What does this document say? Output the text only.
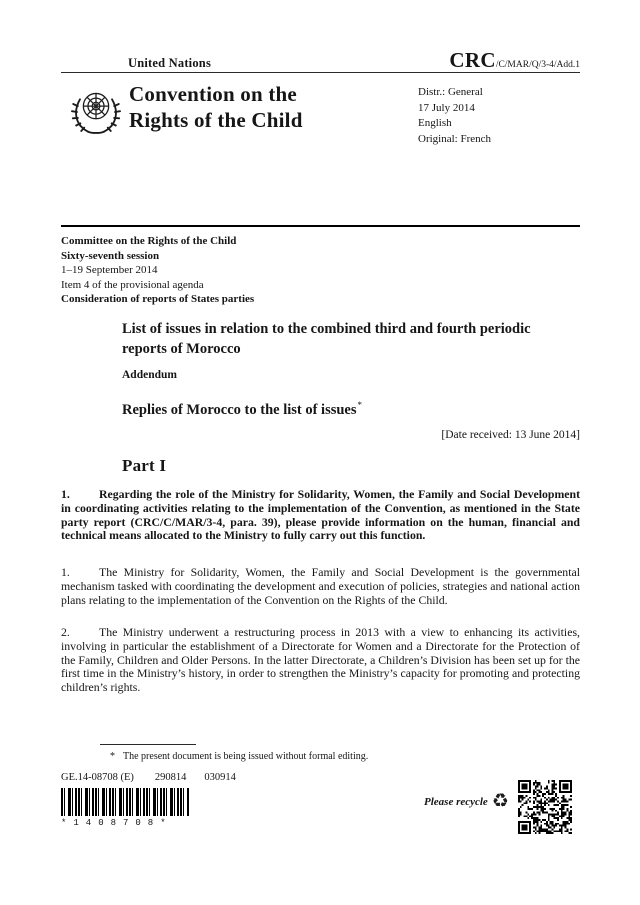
United Nations	CRC/C/MAR/Q/3-4/Add.1
Convention on the
Rights of the Child
Distr.: General
17 July 2014
English
Original: French
Committee on the Rights of the Child
Sixty-seventh session
1–19 September 2014
Item 4 of the provisional agenda
Consideration of reports of States parties
List of issues in relation to the combined third and fourth periodic reports of Morocco
Addendum
Replies of Morocco to the list of issues*
[Date received: 13 June 2014]
Part I

1. Regarding the role of the Ministry for Solidarity, Women, the Family and Social Development in coordinating activities relating to the implementation of the Convention, as mentioned in the State party report (CRC/C/MAR/3-4, para. 39), please provide information on the human, financial and technical means allocated to the Ministry to fully carry out this function.

1. The Ministry for Solidarity, Women, the Family and Social Development is the governmental mechanism tasked with coordinating the development and execution of policies, strategies and national action plans relating to the implementation of the Convention on the Rights of the Child.

2. The Ministry underwent a restructuring process in 2013 with a view to enhancing its activities, involving in particular the establishment of a Directorate for Women and a Directorate for the Protection of the Family, Children and Older Persons. In the latter Directorate, a Children’s Division has been set up for the first time in the Ministry’s history, in order to strengthen the Ministry’s capacity for promoting and protecting children’s rights.

* The present document is being issued without formal editing.
GE.14-08708 (E) 290814 030914
*1408708*
Please recycle ♻
